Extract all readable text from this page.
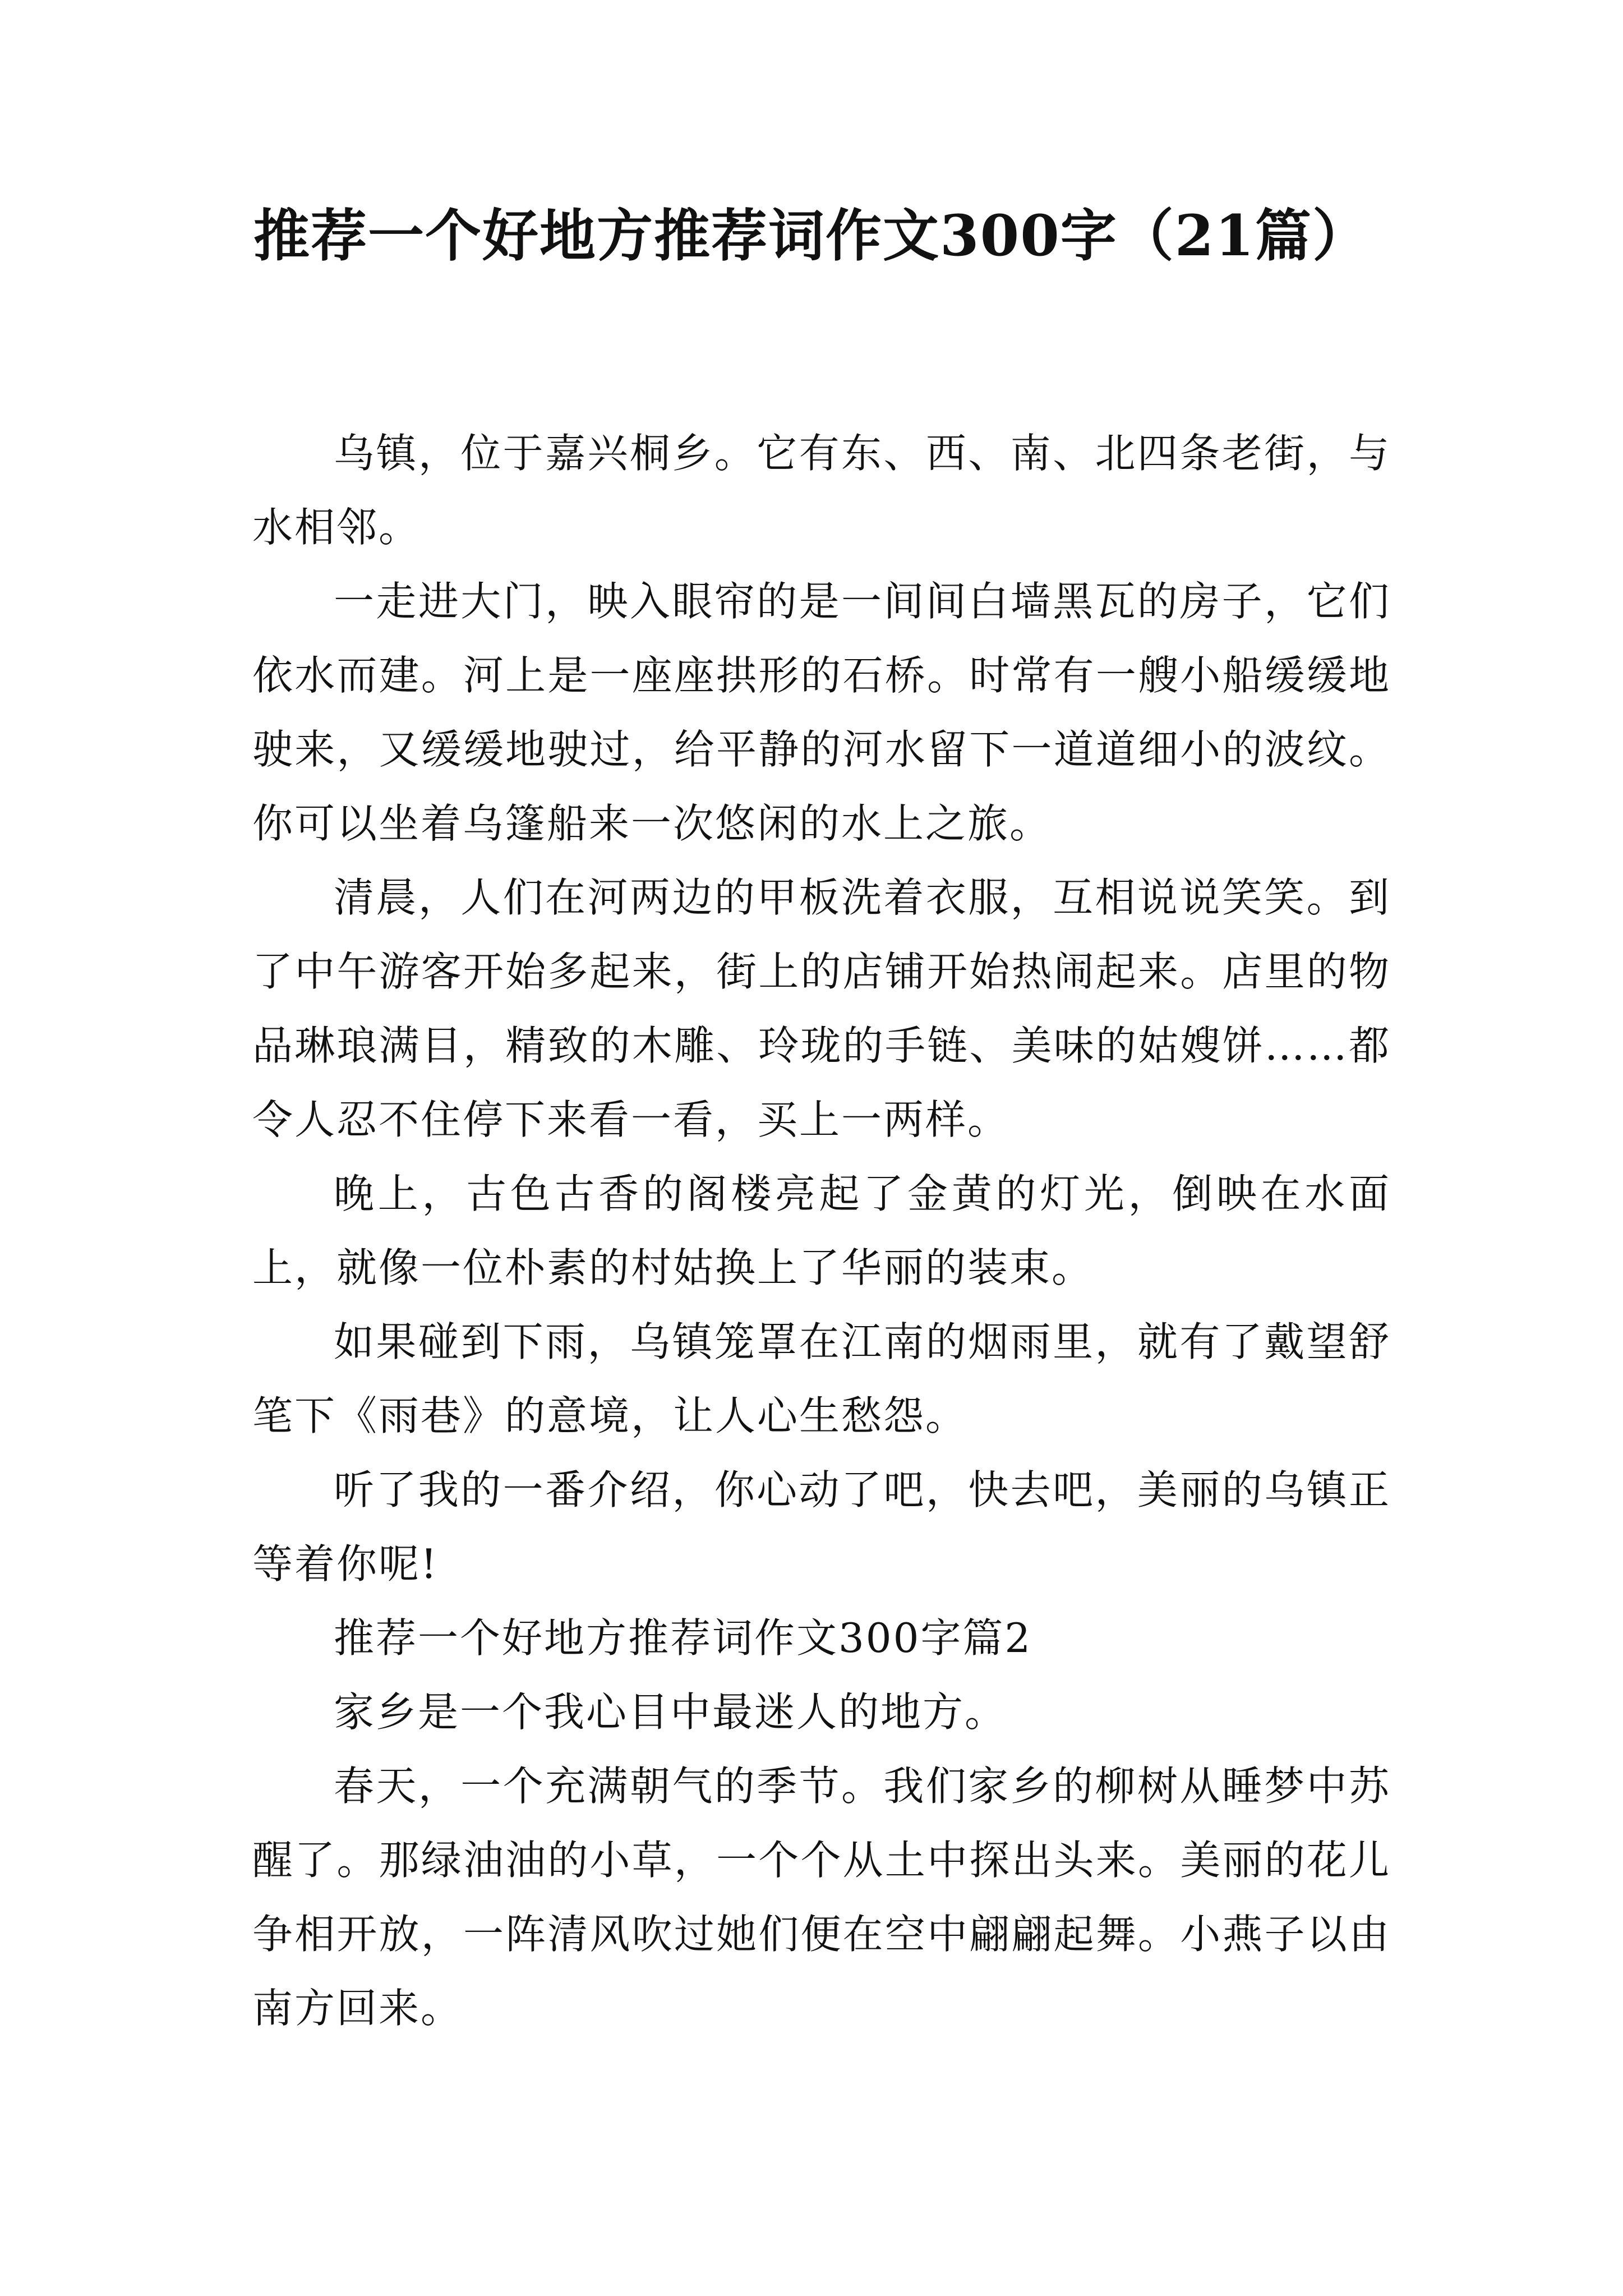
推荐一个好地方推荐词作文300字（21篇）

乌镇，位于嘉兴桐乡。它有东、西、南、北四条老街，与水相邻。

一走进大门，映入眼帘的是一间间白墙黑瓦的房子，它们依水而建。河上是一座座拱形的石桥。时常有一艘小船缓缓地驶来，又缓缓地驶过，给平静的河水留下一道道细小的波纹。你可以坐着乌篷船来一次悠闲的水上之旅。

清晨，人们在河两边的甲板洗着衣服，互相说说笑笑。到了中午游客开始多起来，街上的店铺开始热闹起来。店里的物品琳琅满目，精致的木雕、玲珑的手链、美味的姑嫂饼……都令人忍不住停下来看一看，买上一两样。

晚上，古色古香的阁楼亮起了金黄的灯光，倒映在水面上，就像一位朴素的村姑换上了华丽的装束。

如果碰到下雨，乌镇笼罩在江南的烟雨里，就有了戴望舒笔下《雨巷》的意境，让人心生愁怨。

听了我的一番介绍，你心动了吧，快去吧，美丽的乌镇正等着你呢!

推荐一个好地方推荐词作文300字篇2

家乡是一个我心目中最迷人的地方。

春天，一个充满朝气的季节。我们家乡的柳树从睡梦中苏醒了。那绿油油的小草，一个个从土中探出头来。美丽的花儿争相开放，一阵清风吹过她们便在空中翩翩起舞。小燕子以由南方回来。
